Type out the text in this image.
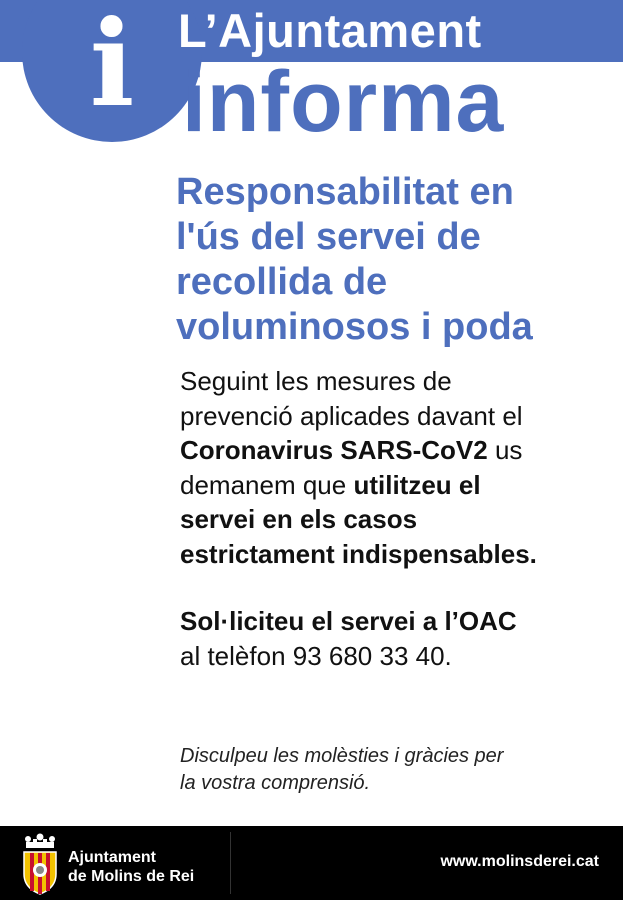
i L’Ajuntament
informa
Responsabilitat en
l'ús del servei de
recollida de
voluminosos i poda
Seguint les mesures de
prevenció aplicades davant el
Coronavirus SARS-CoV2 us
demanem que utilitzeu el
servei en els casos
estrictament indispensables.
Sol·liciteu el servei a l’OAC
al telèfon 93 680 33 40.
Disculpeu les molèsties i gràcies per
la vostra comprensió.
Ajuntament
de Molins de Rei
www.molinsderei.cat
